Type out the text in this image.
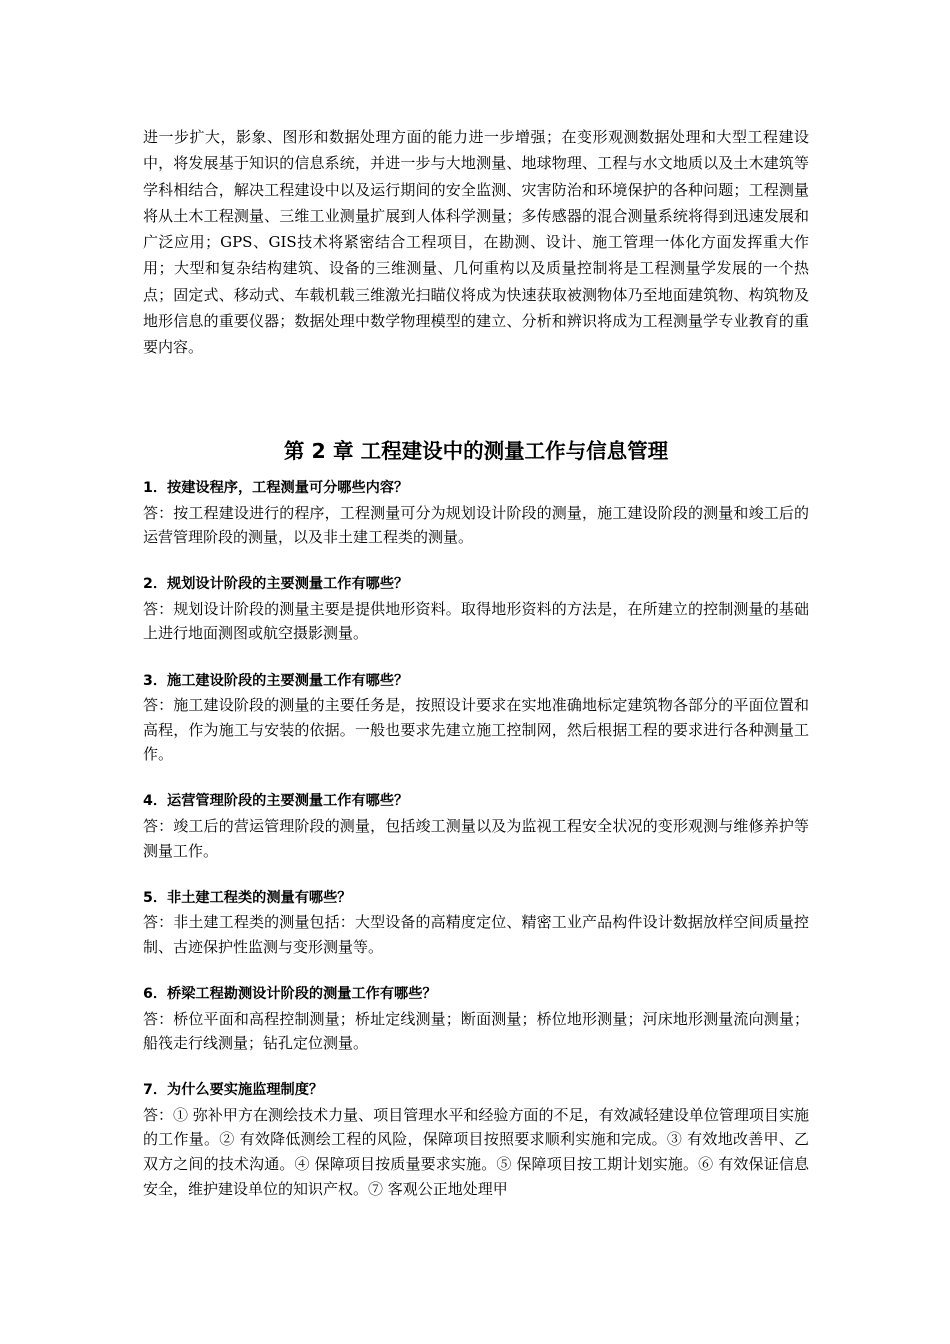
进一步扩大，影象、图形和数据处理方面的能力进一步增强；在变形观测数据处理和大型工程建设中，将发展基于知识的信息系统，并进一步与大地测量、地球物理、工程与水文地质以及土木建筑等学科相结合，解决工程建设中以及运行期间的安全监测、灾害防治和环境保护的各种问题；工程测量将从土木工程测量、三维工业测量扩展到人体科学测量；多传感器的混合测量系统将得到迅速发展和广泛应用；GPS、GIS技术将紧密结合工程项目，在勘测、设计、施工管理一体化方面发挥重大作用；大型和复杂结构建筑、设备的三维测量、几何重构以及质量控制将是工程测量学发展的一个热点；固定式、移动式、车载机载三维激光扫瞄仪将成为快速获取被测物体乃至地面建筑物、构筑物及地形信息的重要仪器；数据处理中数学物理模型的建立、分析和辨识将成为工程测量学专业教育的重要内容。

第 2 章 工程建设中的测量工作与信息管理

1．按建设程序，工程测量可分哪些内容？

答：按工程建设进行的程序，工程测量可分为规划设计阶段的测量，施工建设阶段的测量和竣工后的运营管理阶段的测量，以及非土建工程类的测量。

2．规划设计阶段的主要测量工作有哪些？

答：规划设计阶段的测量主要是提供地形资料。取得地形资料的方法是，在所建立的控制测量的基础上进行地面测图或航空摄影测量。

3．施工建设阶段的主要测量工作有哪些？

答：施工建设阶段的测量的主要任务是，按照设计要求在实地准确地标定建筑物各部分的平面位置和高程，作为施工与安装的依据。一般也要求先建立施工控制网，然后根据工程的要求进行各种测量工作。

4．运营管理阶段的主要测量工作有哪些？

答：竣工后的营运管理阶段的测量，包括竣工测量以及为监视工程安全状况的变形观测与维修养护等测量工作。

5．非土建工程类的测量有哪些？

答：非土建工程类的测量包括：大型设备的高精度定位、精密工业产品构件设计数据放样空间质量控制、古迹保护性监测与变形测量等。

6．桥梁工程勘测设计阶段的测量工作有哪些？

答：桥位平面和高程控制测量；桥址定线测量；断面测量；桥位地形测量；河床地形测量流向测量；船筏走行线测量；钻孔定位测量。

7．为什么要实施监理制度？

答：① 弥补甲方在测绘技术力量、项目管理水平和经验方面的不足，有效减轻建设单位管理项目实施的工作量。② 有效降低测绘工程的风险，保障项目按照要求顺利实施和完成。③ 有效地改善甲、乙双方之间的技术沟通。④ 保障项目按质量要求实施。⑤ 保障项目按工期计划实施。⑥ 有效保证信息安全，维护建设单位的知识产权。⑦ 客观公正地处理甲
